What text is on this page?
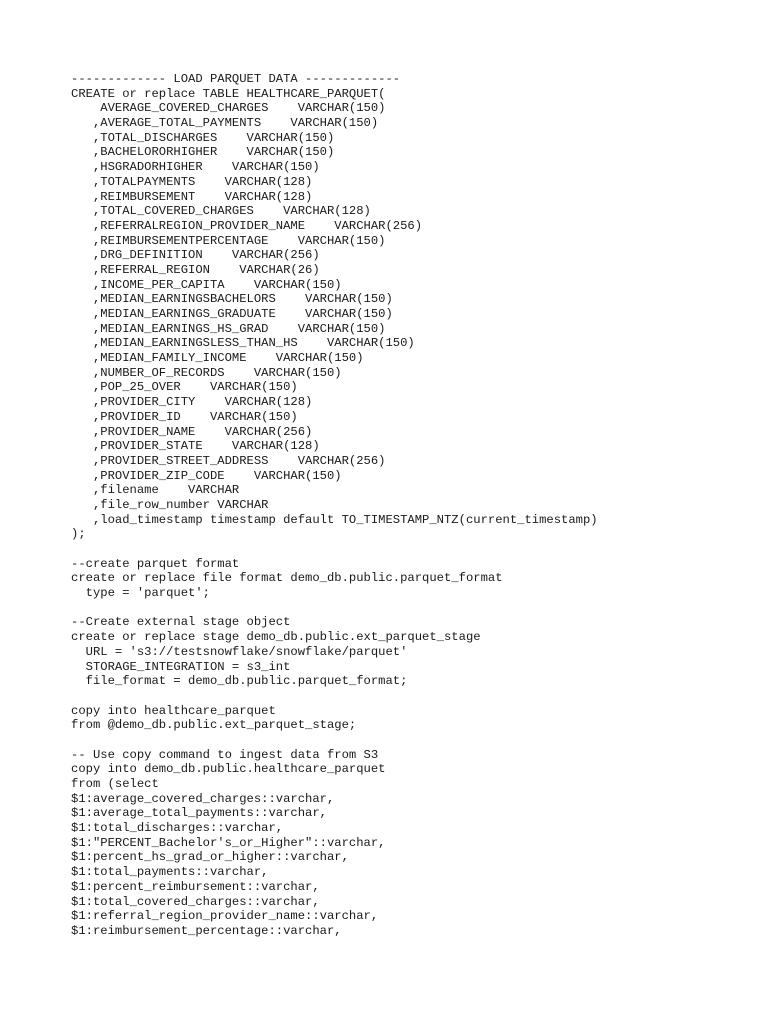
------------- LOAD PARQUET DATA -------------
CREATE or replace TABLE HEALTHCARE_PARQUET(
AVERAGE_COVERED_CHARGES    VARCHAR(150)
,AVERAGE_TOTAL_PAYMENTS    VARCHAR(150)
,TOTAL_DISCHARGES    VARCHAR(150)
,BACHELORORHIGHER    VARCHAR(150)
,HSGRADORHIGHER    VARCHAR(150)
,TOTALPAYMENTS    VARCHAR(128)
,REIMBURSEMENT    VARCHAR(128)
,TOTAL_COVERED_CHARGES    VARCHAR(128)
,REFERRALREGION_PROVIDER_NAME    VARCHAR(256)
,REIMBURSEMENTPERCENTAGE    VARCHAR(150)
,DRG_DEFINITION    VARCHAR(256)
,REFERRAL_REGION    VARCHAR(26)
,INCOME_PER_CAPITA    VARCHAR(150)
,MEDIAN_EARNINGSBACHELORS    VARCHAR(150)
,MEDIAN_EARNINGS_GRADUATE    VARCHAR(150)
,MEDIAN_EARNINGS_HS_GRAD    VARCHAR(150)
,MEDIAN_EARNINGSLESS_THAN_HS    VARCHAR(150)
,MEDIAN_FAMILY_INCOME    VARCHAR(150)
,NUMBER_OF_RECORDS    VARCHAR(150)
,POP_25_OVER    VARCHAR(150)
,PROVIDER_CITY    VARCHAR(128)
,PROVIDER_ID    VARCHAR(150)
,PROVIDER_NAME    VARCHAR(256)
,PROVIDER_STATE    VARCHAR(128)
,PROVIDER_STREET_ADDRESS    VARCHAR(256)
,PROVIDER_ZIP_CODE    VARCHAR(150)
,filename    VARCHAR
,file_row_number VARCHAR
,load_timestamp timestamp default TO_TIMESTAMP_NTZ(current_timestamp)
);
--create parquet format
create or replace file format demo_db.public.parquet_format
type = 'parquet';
--Create external stage object
create or replace stage demo_db.public.ext_parquet_stage
URL = 's3://testsnowflake/snowflake/parquet'
STORAGE_INTEGRATION = s3_int
file_format = demo_db.public.parquet_format;
copy into healthcare_parquet
from @demo_db.public.ext_parquet_stage;
-- Use copy command to ingest data from S3
copy into demo_db.public.healthcare_parquet
from (select
$1:average_covered_charges::varchar,
$1:average_total_payments::varchar,
$1:total_discharges::varchar,
$1:"PERCENT_Bachelor's_or_Higher"::varchar,
$1:percent_hs_grad_or_higher::varchar,
$1:total_payments::varchar,
$1:percent_reimbursement::varchar,
$1:total_covered_charges::varchar,
$1:referral_region_provider_name::varchar,
$1:reimbursement_percentage::varchar,
